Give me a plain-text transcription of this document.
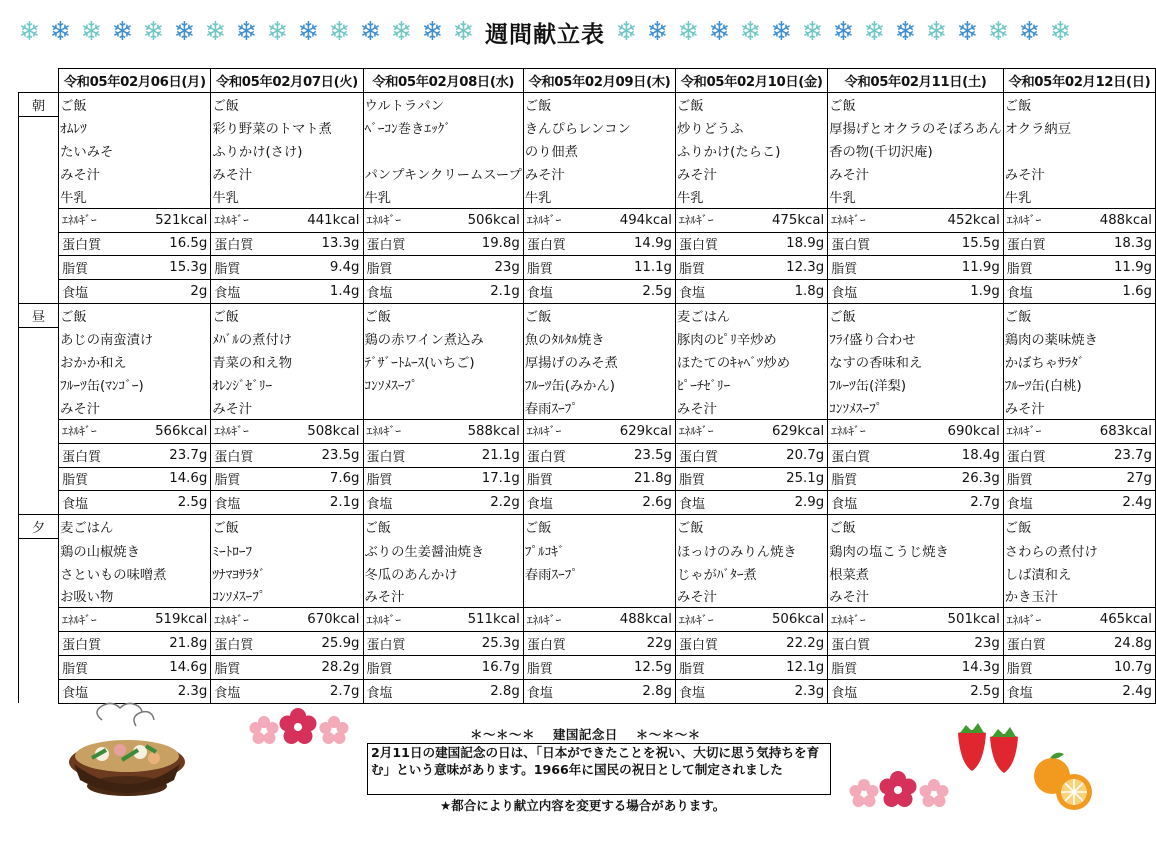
❄ ❄ ❄ ❄ ❄ ❄ ❄ ❄ ❄ ❄ ❄ ❄ ❄ ❄ ❄ 週間献立表 ❄ ❄ ❄ ❄ ❄ ❄ ❄ ❄ ❄ ❄ ❄ ❄ ❄ ❄ ❄
	令和05年02月06日(月)	令和05年02月07日(火)	令和05年02月08日(水)	令和05年02月09日(木)	令和05年02月10日(金)	令和05年02月11日(土)	令和05年02月12日(日)
朝	ご飯	ご飯	ウルトラパン	ご飯	ご飯	ご飯	ご飯
	ｵﾑﾚﾂ	彩り野菜のトマト煮	ﾍﾞｰｺﾝ巻きｴｯｸﾞ	きんぴらレンコン	炒りどうふ	厚揚げとオクラのそぼろあん	オクラ納豆
	たいみそ	ふりかけ(さけ)		のり佃煮	ふりかけ(たらこ)	香の物(千切沢庵)	
	みそ汁	みそ汁	パンプキンクリームスープ	みそ汁	みそ汁	みそ汁	みそ汁
	牛乳	牛乳	牛乳	牛乳	牛乳	牛乳	牛乳

	ｴﾈﾙｷﾞｰ 521kcal	ｴﾈﾙｷﾞｰ 441kcal	ｴﾈﾙｷﾞｰ 506kcal	ｴﾈﾙｷﾞｰ 494kcal	ｴﾈﾙｷﾞｰ 475kcal	ｴﾈﾙｷﾞｰ 452kcal	ｴﾈﾙｷﾞｰ 488kcal

	蛋白質 16.5g	蛋白質 13.3g	蛋白質 19.8g	蛋白質 14.9g	蛋白質 18.9g	蛋白質 15.5g	蛋白質 18.3g

	脂質 15.3g	脂質 9.4g	脂質 23g	脂質 11.1g	脂質 12.3g	脂質 11.9g	脂質 11.9g

	食塩 2g	食塩 1.4g	食塩 2.1g	食塩 2.5g	食塩 1.8g	食塩 1.9g	食塩 1.6g

昼	ご飯	ご飯	ご飯	ご飯	麦ごはん	ご飯	ご飯
	あじの南蛮漬け	ﾒﾊﾞﾙの煮付け	鶏の赤ワイン煮込み	魚のﾀﾙﾀﾙ焼き	豚肉のﾋﾟﾘ辛炒め	ﾌﾗｲ盛り合わせ	鶏肉の薬味焼き
	おかか和え	青菜の和え物	ﾃﾞｻﾞｰﾄﾑｰｽ(いちご)	厚揚げのみそ煮	ほたてのｷｬﾍﾞﾂ炒め	なすの香味和え	かぼちゃｻﾗﾀﾞ
	ﾌﾙｰﾂ缶(ﾏﾝｺﾞｰ)	ｵﾚﾝｼﾞｾﾞﾘｰ	ｺﾝｿﾒｽｰﾌﾟ	ﾌﾙｰﾂ缶(みかん)	ﾋﾟｰﾁｾﾞﾘｰ	ﾌﾙｰﾂ缶(洋梨)	ﾌﾙｰﾂ缶(白桃)
	みそ汁	みそ汁		春雨ｽｰﾌﾟ	みそ汁	ｺﾝｿﾒｽｰﾌﾟ	みそ汁

	ｴﾈﾙｷﾞｰ 566kcal	ｴﾈﾙｷﾞｰ 508kcal	ｴﾈﾙｷﾞｰ 588kcal	ｴﾈﾙｷﾞｰ 629kcal	ｴﾈﾙｷﾞｰ 629kcal	ｴﾈﾙｷﾞｰ 690kcal	ｴﾈﾙｷﾞｰ 683kcal

	蛋白質 23.7g	蛋白質 23.5g	蛋白質 21.1g	蛋白質 23.5g	蛋白質 20.7g	蛋白質 18.4g	蛋白質 23.7g

	脂質 14.6g	脂質 7.6g	脂質 17.1g	脂質 21.8g	脂質 25.1g	脂質 26.3g	脂質 27g

	食塩 2.5g	食塩 2.1g	食塩 2.2g	食塩 2.6g	食塩 2.9g	食塩 2.7g	食塩 2.4g

夕	麦ごはん	ご飯	ご飯	ご飯	ご飯	ご飯	ご飯
	鶏の山椒焼き	ﾐｰﾄﾛｰﾌ	ぶりの生姜醤油焼き	ﾌﾟﾙｺｷﾞ	ほっけのみりん焼き	鶏肉の塩こうじ焼き	さわらの煮付け
	さといもの味噌煮	ﾂﾅﾏﾖｻﾗﾀﾞ	冬瓜のあんかけ	春雨ｽｰﾌﾟ	じゃがﾊﾞﾀｰ煮	根菜煮	しば漬和え
	お吸い物	ｺﾝｿﾒｽｰﾌﾟ	みそ汁		みそ汁	みそ汁	かき玉汁

	ｴﾈﾙｷﾞｰ 519kcal	ｴﾈﾙｷﾞｰ 670kcal	ｴﾈﾙｷﾞｰ 511kcal	ｴﾈﾙｷﾞｰ 488kcal	ｴﾈﾙｷﾞｰ 506kcal	ｴﾈﾙｷﾞｰ 501kcal	ｴﾈﾙｷﾞｰ 465kcal

	蛋白質 21.8g	蛋白質 25.9g	蛋白質 25.3g	蛋白質 22g	蛋白質 22.2g	蛋白質 23g	蛋白質 24.8g

	脂質 14.6g	脂質 28.2g	脂質 16.7g	脂質 12.5g	脂質 12.1g	脂質 14.3g	脂質 10.7g

	食塩 2.3g	食塩 2.7g	食塩 2.8g	食塩 2.8g	食塩 2.3g	食塩 2.5g	食塩 2.4g
＊～＊～＊　 建国記念日　 ＊～＊～＊
2月11日の建国記念の日は、「日本ができたことを祝い、大切に思う気持ちを育む」という意味があります。1966年に国民の祝日として制定されました
★都合により献立内容を変更する場合があります。
